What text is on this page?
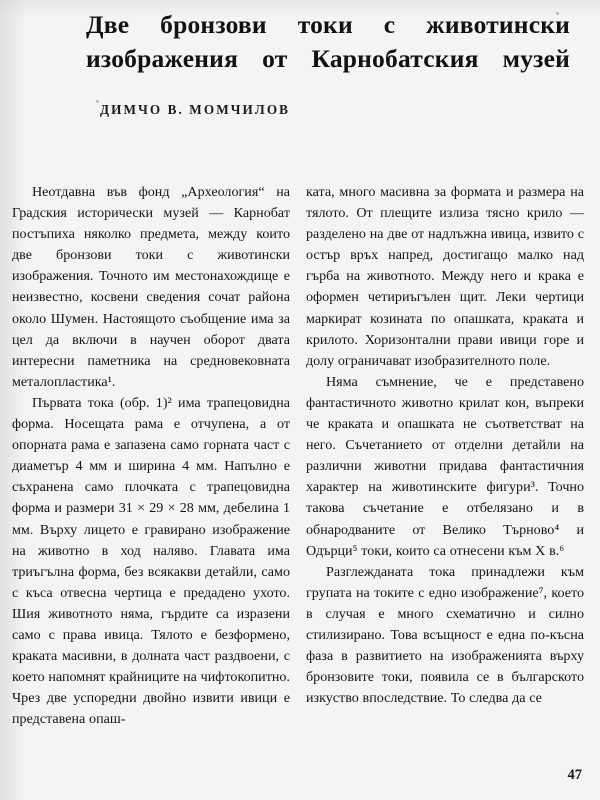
Две бронзови токи с животински
изображения от Карнобатския музей
ДИМЧО В. МОМЧИЛОВ

Неотдавна във фонд „Археология“ на Градския исторически музей — Карнобат постъпиха няколко предмета, между които две бронзови токи с животински изображения. Точното им местонахождище е неизвестно, косвени сведения сочат района около Шумен. Настоящото съобщение има за цел да включи в научен оборот двата интересни паметника на средновековната металопластика¹.

Първата тока (обр. 1)² има трапецовидна форма. Носещата рама е отчупена, а от опорната рама е запазена само горната част с диаметър 4 мм и ширина 4 мм. Напълно е съхранена само плочката с трапецовидна форма и размери 31 × 29 × 28 мм, дебелина 1 мм. Върху лицето е гравирано изображение на животно в ход наляво. Главата има триъгълна форма, без всякакви детайли, само с къса отвесна чертица е предадено ухото. Шия животното няма, гърдите са изразени само с права ивица. Тялото е безформено, краката масивни, в долната част раздвоени, с което напомнят крайниците на чифтокопитно. Чрез две успоредни двойно извити ивици е представена опаш-

ката, много масивна за формата и размера на тялото. От плещите излиза тясно крило — разделено на две от надлъжна ивица, извито с остър връх напред, достигащо малко над гърба на животното. Между него и крака е оформен четириъгълен щит. Леки чертици маркират козината по опашката, краката и крилото. Хоризонтални прави ивици горе и долу ограничават изобразителното поле.

Няма съмнение, че е представено фантастичното животно крилат кон, въпреки че краката и опашката не съответстват на него. Съчетанието от отделни детайли на различни животни придава фантастичния характер на животинските фигури³. Точно такова съчетание е отбелязано и в обнародваните от Велико Търново⁴ и Одърци⁵ токи, които са отнесени към X в.⁶

Разглежданата тока принадлежи към групата на токите с едно изображение⁷, което в случая е много схематично и силно стилизирано. Това всъщност е една по-късна фаза в развитието на изображенията върху бронзовите токи, появила се в българското изкуство впоследствие. То следва да се

47
